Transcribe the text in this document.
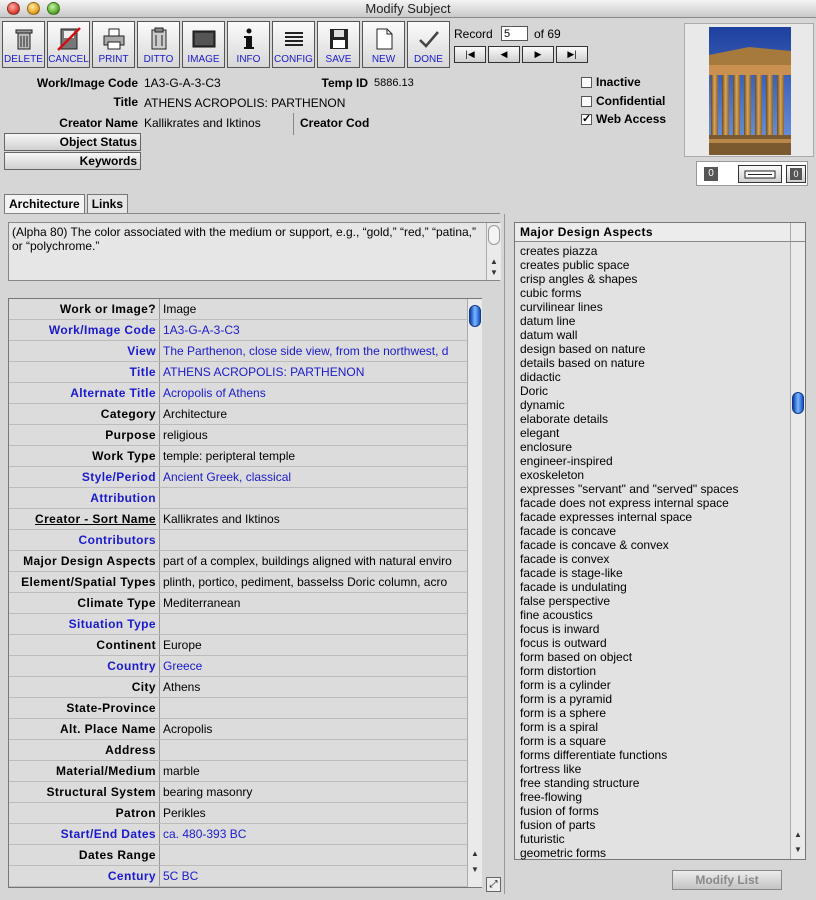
Modify Subject
DELETE CANCEL PRINT DITTO IMAGE INFO CONFIG SAVE NEW DONE
Record
5	of 69
|◀	◀	▶	▶|
Work/Image Code 1A3-G-A-3-C3	Temp ID 5886.13
Title ATHENS ACROPOLIS: PARTHENON
Creator Name Kallikrates and Iktinos	Creator Cod
Object Status
Keywords
Inactive
Confidential
✓ Web Access
0	0
Architecture	Links
(Alpha 80) The color associated with the medium or support, e.g., “gold,” “red,” “patina,” or “polychrome.”
▲
▼
Work or Image? Image
Work/Image Code 1A3-G-A-3-C3
View The Parthenon, close side view, from the northwest, d
Title ATHENS ACROPOLIS: PARTHENON
Alternate Title Acropolis of Athens
Category Architecture
Purpose religious
Work Type temple: peripteral temple
Style/Period Ancient Greek, classical
Attribution
Creator - Sort Name Kallikrates and Iktinos
Contributors
Major Design Aspects part of a complex, buildings aligned with natural enviro
Element/Spatial Types plinth, portico, pediment, basselss Doric column, acro
Climate Type Mediterranean
Situation Type
Continent Europe
Country Greece
City Athens
State-Province
Alt. Place Name Acropolis
Address
Material/Medium marble
Structural System bearing masonry
Patron Perikles
Start/End Dates ca. 480-393 BC
Dates Range
Century 5C BC
▲
▼
⤢
Major Design Aspects
creates piazza
creates public space
crisp angles & shapes
cubic forms
curvilinear lines
datum line
datum wall
design based on nature
details based on nature
didactic
Doric
dynamic
elaborate details
elegant
enclosure
engineer-inspired
exoskeleton
expresses "servant" and "served" spaces
facade does not express internal space
facade expresses internal space
facade is concave
facade is concave & convex
facade is convex
facade is stage-like
facade is undulating
false perspective
fine acoustics
focus is inward
focus is outward
form based on object
form distortion
form is a cylinder
form is a pyramid
form is a sphere
form is a spiral
form is a square
forms differentiate functions
fortress like
free standing structure
free-flowing
fusion of forms
fusion of parts
futuristic
geometric forms
▲
▼
Modify List
